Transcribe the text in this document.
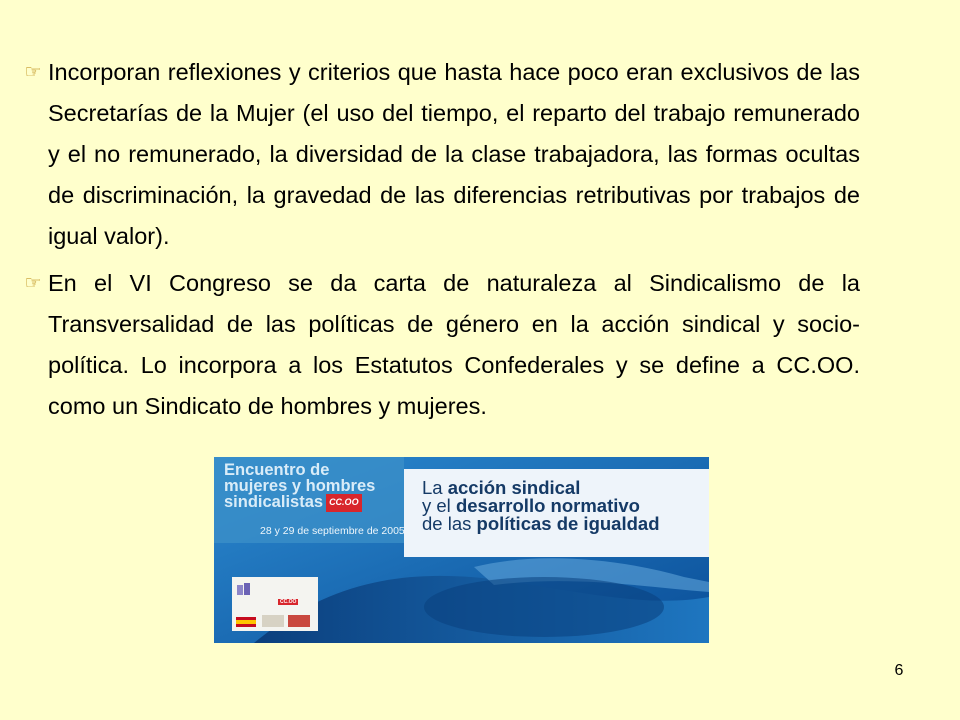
☞ Incorporan reflexiones y criterios que hasta hace poco eran exclusivos de las Secretarías de la Mujer (el uso del tiempo, el reparto del trabajo remunerado y el no remunerado, la diversidad de la clase trabajadora, las formas ocultas de discriminación, la gravedad de las diferencias retributivas por trabajos de igual valor).
☞ En el VI Congreso se da carta de naturaleza al Sindicalismo de la Transversalidad de las políticas de género en la acción sindical y socio-política. Lo incorpora a los Estatutos Confederales y se define a CC.OO. como un Sindicato de hombres y mujeres.
Encuentro de
mujeres y hombres
sindicalistas CC.OO
28 y 29 de septiembre de 2005
La acción sindical
y el desarrollo normativo
de las políticas de igualdad
CC.OO
6
